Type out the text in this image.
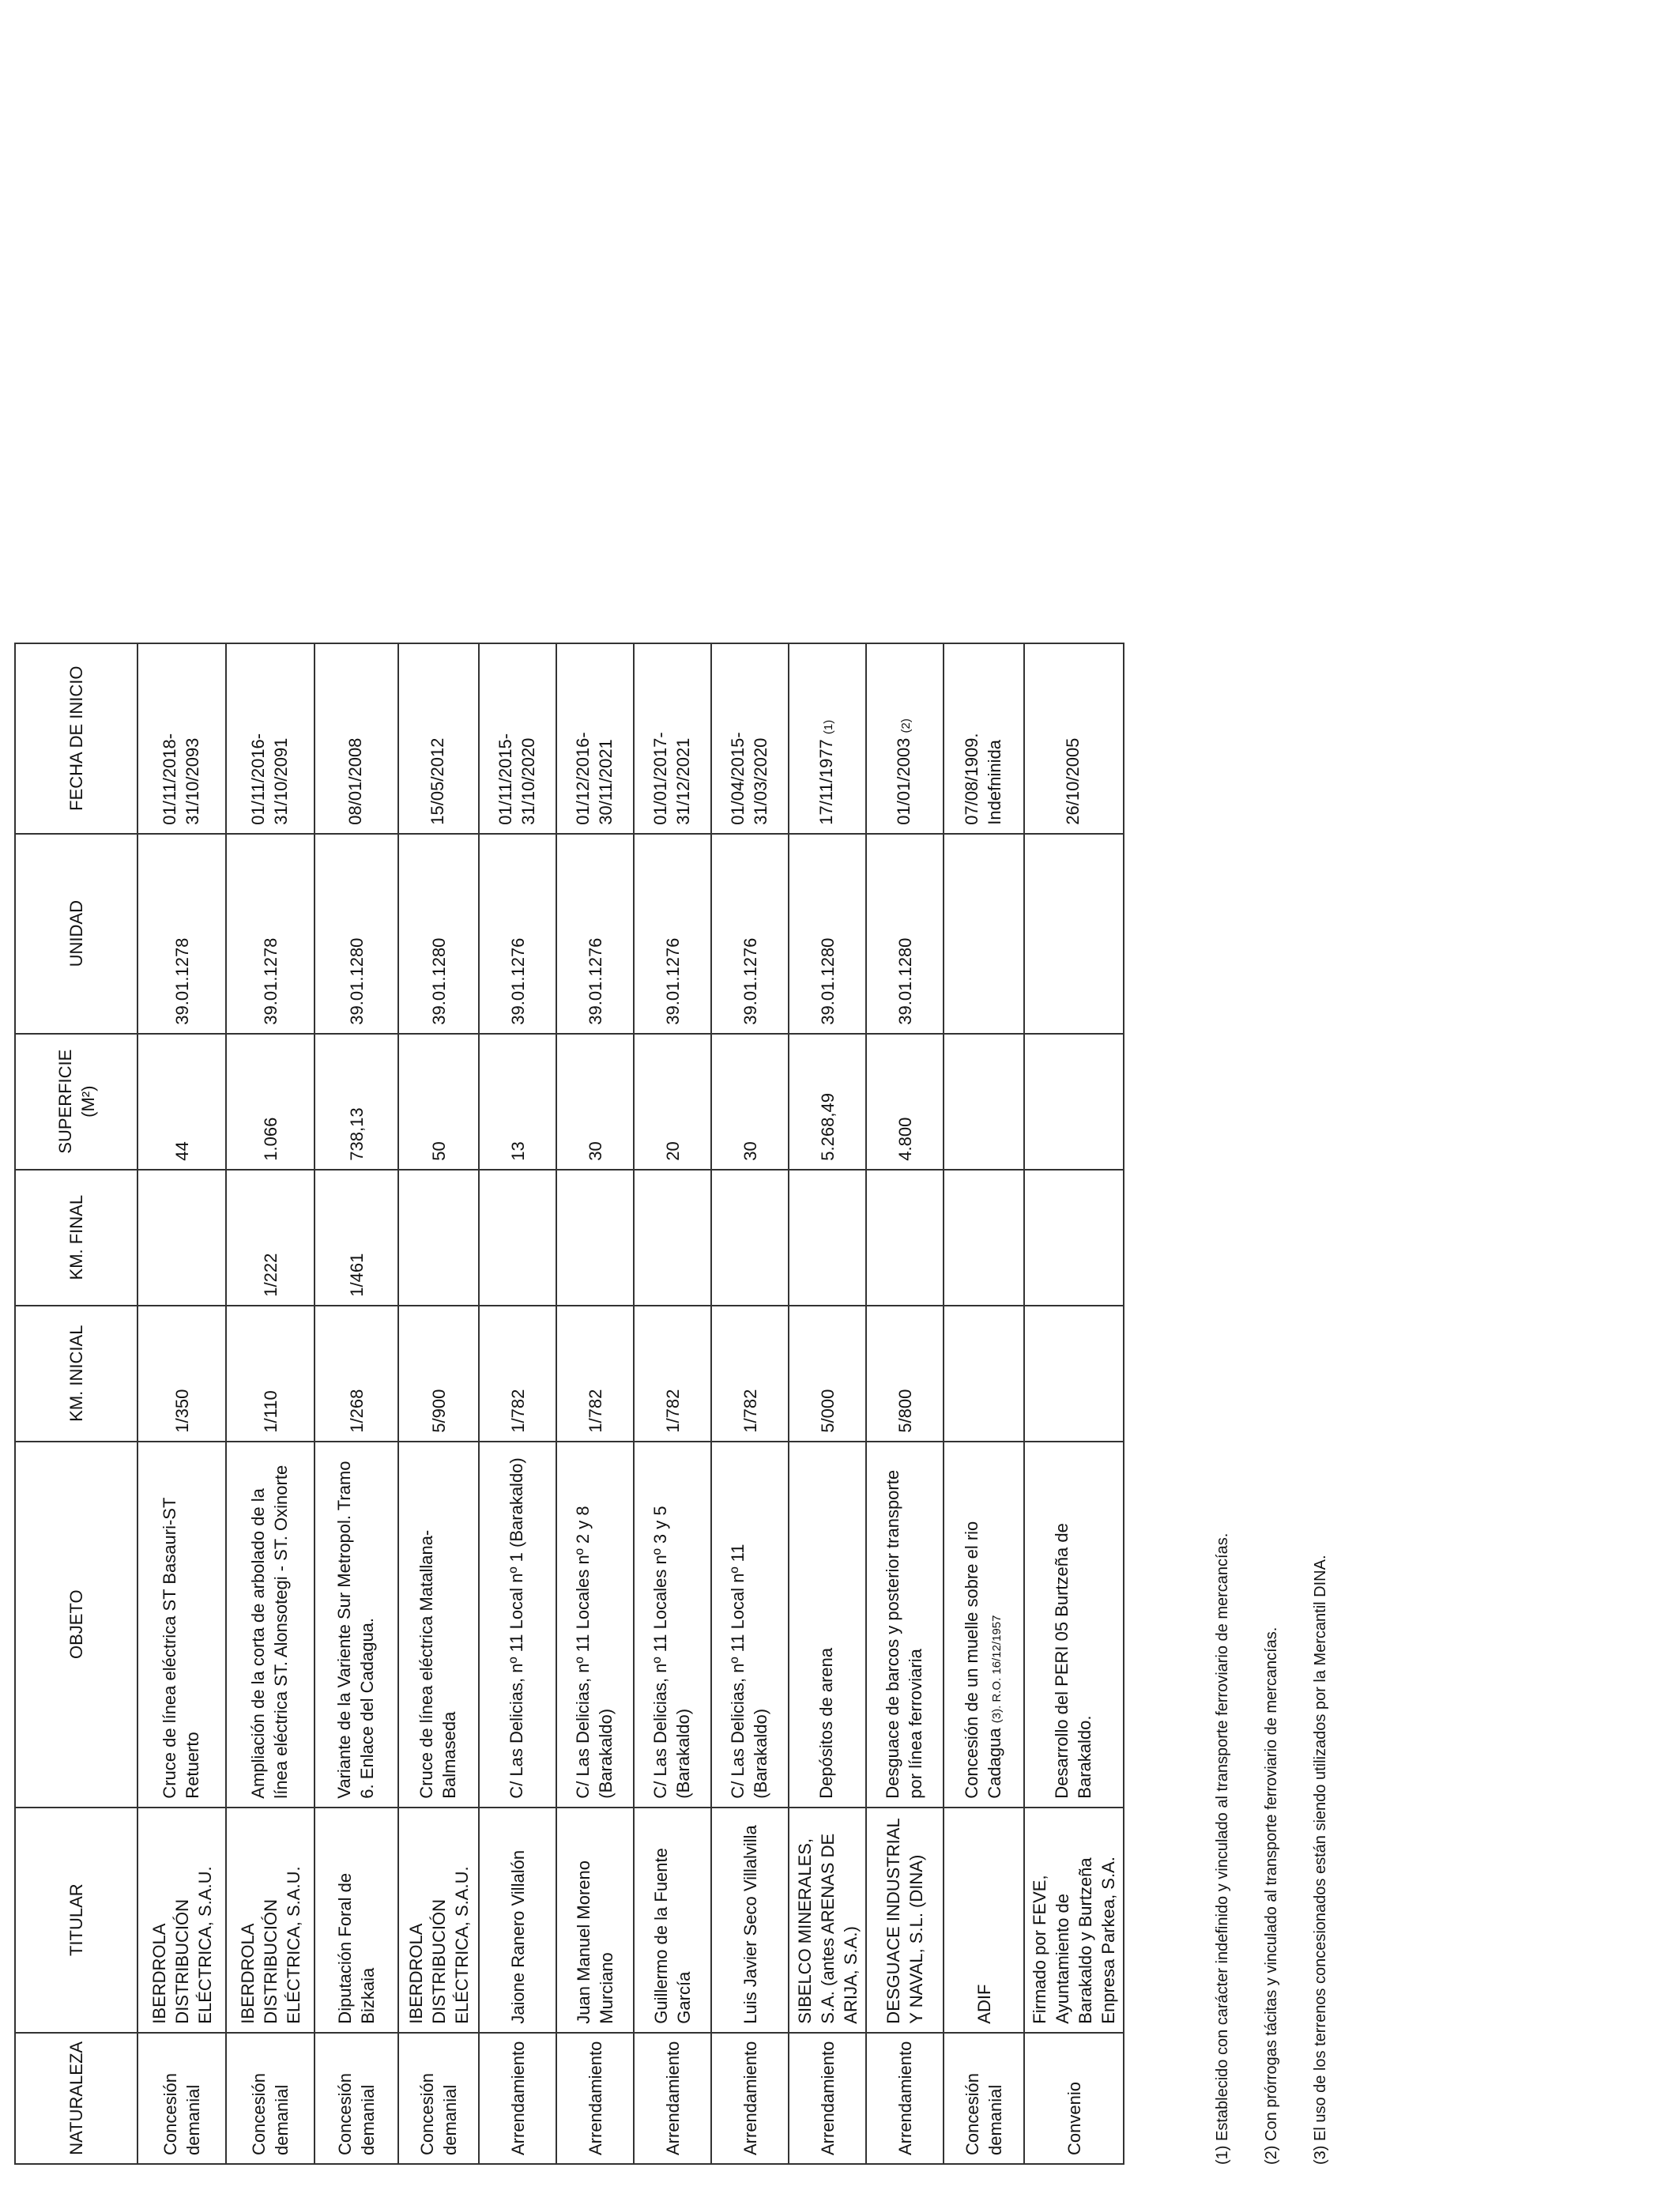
NATURALEZA	TITULAR	OBJETO	KM. INICIAL	KM. FINAL	SUPERFICIE (M²)	UNIDAD	FECHA DE INICIO
Concesión demanial	IBERDROLA DISTRIBUCIÓN ELÉCTRICA, S.A.U.	Cruce de línea eléctrica ST Basauri-ST Retuerto	1/350		44	39.01.1278	01/11/2018-31/10/2093
Concesión demanial	IBERDROLA DISTRIBUCIÓN ELÉCTRICA, S.A.U.	Ampliación de la corta de arbolado de la línea eléctrica ST. Alonsotegi - ST. Oxinorte	1/110	1/222	1.066	39.01.1278	01/11/2016-31/10/2091
Concesión demanial	Diputación Foral de Bizkaia	Variante de la Variente Sur Metropol. Tramo 6. Enlace del Cadagua.	1/268	1/461	738,13	39.01.1280	08/01/2008
Concesión demanial	IBERDROLA DISTRIBUCIÓN ELÉCTRICA, S.A.U.	Cruce de línea eléctrica Matallana-Balmaseda	5/900		50	39.01.1280	15/05/2012
Arrendamiento	Jaione Ranero Villalón	C/ Las Delicias, nº 11 Local nº 1 (Barakaldo)	1/782		13	39.01.1276	01/11/2015-31/10/2020
Arrendamiento	Juan Manuel Moreno Murciano	C/ Las Delicias, nº 11 Locales nº 2 y 8 (Barakaldo)	1/782		30	39.01.1276	01/12/2016-30/11/2021
Arrendamiento	Guillermo de la Fuente García	C/ Las Delicias, nº 11 Locales nº 3 y 5 (Barakaldo)	1/782		20	39.01.1276	01/01/2017-31/12/2021
Arrendamiento	Luis Javier Seco Villalvilla	C/ Las Delicias, nº 11 Local nº 11 (Barakaldo)	1/782		30	39.01.1276	01/04/2015-31/03/2020
Arrendamiento	SIBELCO MINERALES, S.A. (antes ARENAS DE ARIJA, S.A.)	Depósitos de arena	5/000		5.268,49	39.01.1280	17/11/1977 (1)
Arrendamiento	DESGUACE INDUSTRIAL Y NAVAL, S.L. (DINA)	Desguace de barcos y posterior transporte por línea ferroviaria	5/800		4.800	39.01.1280	01/01/2003 (2)
Concesión demanial	ADIF	Concesión de un muelle sobre el rio Cadagua (3). R.O. 16/12/1957					07/08/1909. Indefninida
Convenio	Firmado por FEVE, Ayuntamiento de Barakaldo y Burtzeña Enpresa Parkea, S.A.	Desarrollo del PERI 05 Burtzeña de Barakaldo.					26/10/2005
(1) Establecido con carácter indefinido y vinculado al transporte ferroviario de mercancías.	(2) Con prórrogas tácitas y vinculado al transporte ferroviario de mercancías.	(3) El uso de los terrenos concesionados están siendo utilizados por la Mercantil DINA.
